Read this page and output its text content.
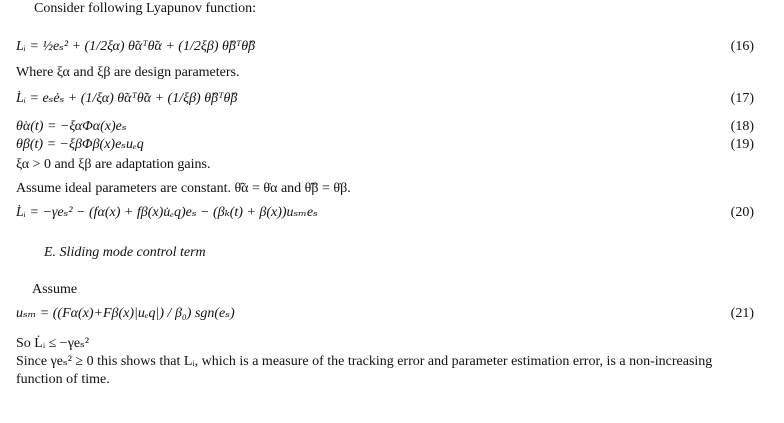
Consider following Lyapunov function:
Lᵢ = ½eₛ² + (1/2ξα) θ̃αᵀθ̃α + (1/2ξβ) θ̃βᵀθ̃β	(16)
Where ξα and ξβ are design parameters.
L̇ᵢ = eₛėₛ + (1/ξα) θ̃αᵀθ̃̇α + (1/ξβ) θ̃βᵀθ̃̇β	(17)
θ̇α(t) = −ξαΦα(x)eₛ	(18)
θ̇β(t) = −ξβΦβ(x)eₛuₑq	(19)
ξα > 0 and ξβ are adaptation gains.
Assume ideal parameters are constant. θ̃̇α = θ̇α and θ̃̇β = θ̇β.
L̇ᵢ = −γeₛ² − (fα(x) + fβ(x)u̇ₑq)eₛ − (βₖ(t) + β(x))uₛₘeₛ	(20)
E. Sliding mode control term
Assume
uₛₘ = ((Fα(x)+Fβ(x)|uₑq|) / β₀) sgn(eₛ)	(21)
So L̇ᵢ ≤ −γeₛ²
Since γeₛ² ≥ 0 this shows that Lᵢ, which is a measure of the tracking error and parameter estimation error, is a non-increasing function of time.
